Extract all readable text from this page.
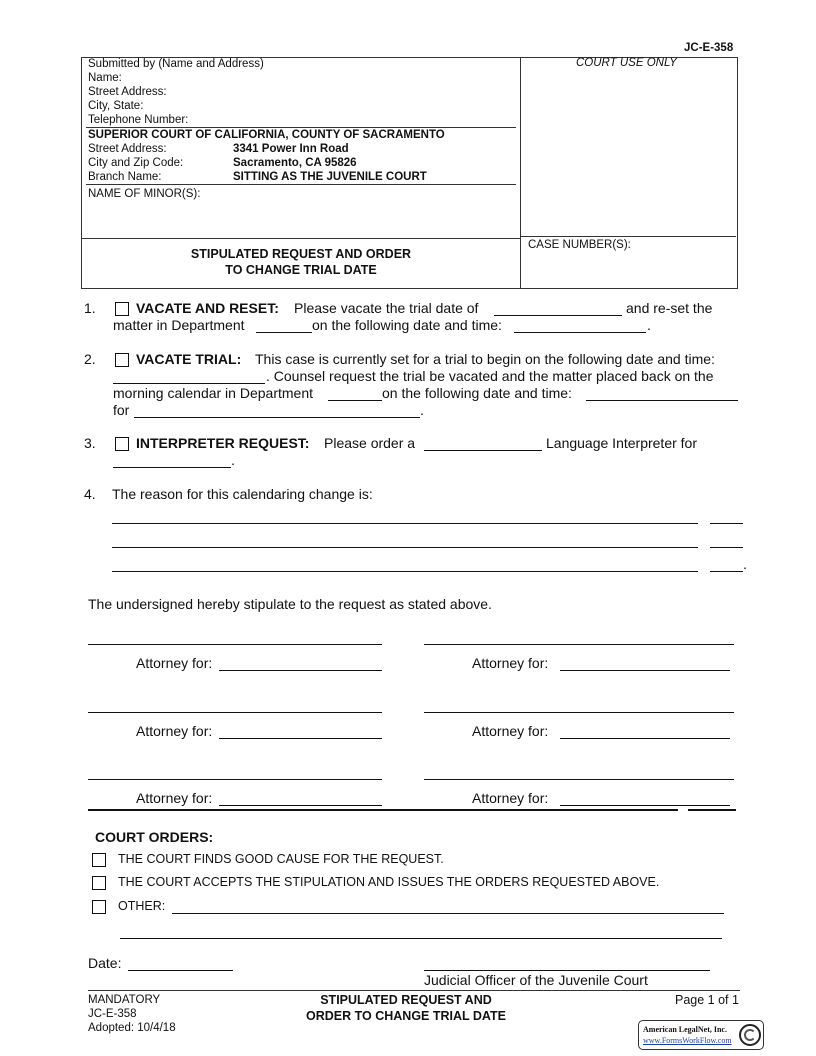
JC-E-358
Submitted by (Name and Address)
Name:
Street Address:
City, State:
Telephone Number:
COURT USE ONLY
SUPERIOR COURT OF CALIFORNIA, COUNTY OF SACRAMENTO
Street Address:	3341 Power Inn Road
City and Zip Code:	Sacramento, CA 95826
Branch Name:	SITTING AS THE JUVENILE COURT
NAME OF MINOR(S):
STIPULATED REQUEST AND ORDER
TO CHANGE TRIAL DATE
CASE NUMBER(S):
1.	VACATE AND RESET: Please vacate the trial date of	and re-set the
matter in Department	on the following date and time:	.
2.	VACATE TRIAL: This case is currently set for a trial to begin on the following date and time:
. Counsel request the trial be vacated and the matter placed back on the
morning calendar in Department	on the following date and time:
for	.
3.	INTERPRETER REQUEST: Please order a	Language Interpreter for
.
4. The reason for this calendaring change is:
.
The undersigned hereby stipulate to the request as stated above.
Attorney for:	Attorney for:
Attorney for:	Attorney for:
Attorney for:	Attorney for:
COURT ORDERS:
THE COURT FINDS GOOD CAUSE FOR THE REQUEST.
THE COURT ACCEPTS THE STIPULATION AND ISSUES THE ORDERS REQUESTED ABOVE.
OTHER:
Date:
Judicial Officer of the Juvenile Court
MANDATORY
JC-E-358
Adopted: 10/4/18
STIPULATED REQUEST AND
ORDER TO CHANGE TRIAL DATE
Page 1 of 1
American LegalNet, Inc.
www.FormsWorkFlow.com
